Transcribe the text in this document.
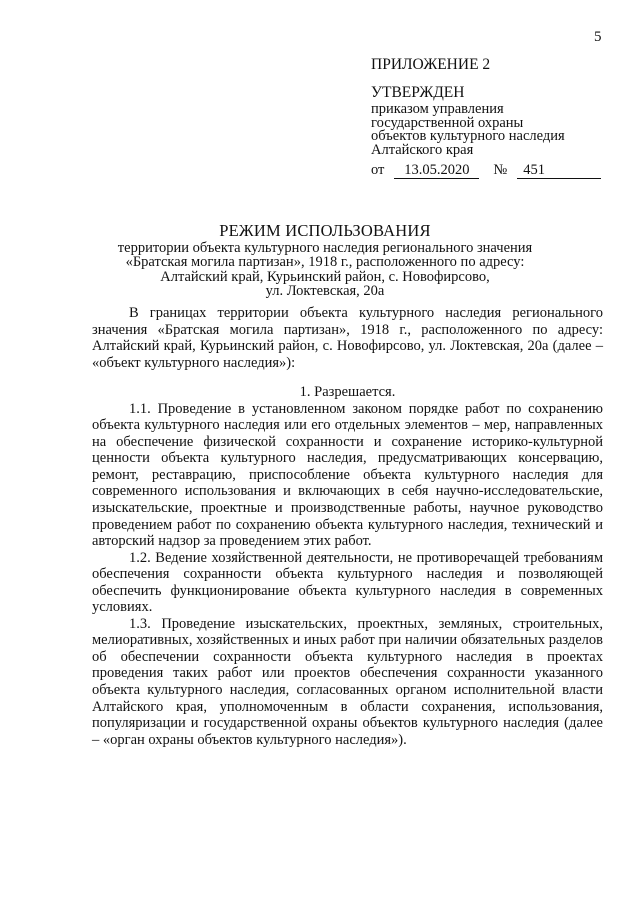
5
ПРИЛОЖЕНИЕ 2
УТВЕРЖДЕН
приказом управления
государственной охраны
объектов культурного наследия
Алтайского края
от	13.05.2020	№	451
РЕЖИМ ИСПОЛЬЗОВАНИЯ
территории объекта культурного наследия регионального значения
«Братская могила партизан», 1918 г., расположенного по адресу:
Алтайский край, Курьинский район, с. Новофирсово,
ул. Локтевская, 20а

В границах территории объекта культурного наследия регионального значения «Братская могила партизан», 1918 г., расположенного по адресу: Алтайский край, Курьинский район, с. Новофирсово, ул. Локтевская, 20а (далее – «объект культурного наследия»):

1. Разрешается.

1.1. Проведение в установленном законом порядке работ по сохранению объекта культурного наследия или его отдельных элементов – мер, направленных на обеспечение физической сохранности и сохранение историко-культурной ценности объекта культурного наследия, предусматривающих консервацию, ремонт, реставрацию, приспособление объекта культурного наследия для современного использования и включающих в себя научно-исследовательские, изыскательские, проектные и производственные работы, научное руководство проведением работ по сохранению объекта культурного наследия, технический и авторский надзор за проведением этих работ.

1.2. Ведение хозяйственной деятельности, не противоречащей требованиям обеспечения сохранности объекта культурного наследия и позволяющей обеспечить функционирование объекта культурного наследия в современных условиях.

1.3. Проведение изыскательских, проектных, земляных, строительных, мелиоративных, хозяйственных и иных работ при наличии обязательных разделов об обеспечении сохранности объекта культурного наследия в проектах проведения таких работ или проектов обеспечения сохранности указанного объекта культурного наследия, согласованных органом исполнительной власти Алтайского края, уполномоченным в области сохранения, использования, популяризации и государственной охраны объектов культурного наследия (далее – «орган охраны объектов культурного наследия»).
